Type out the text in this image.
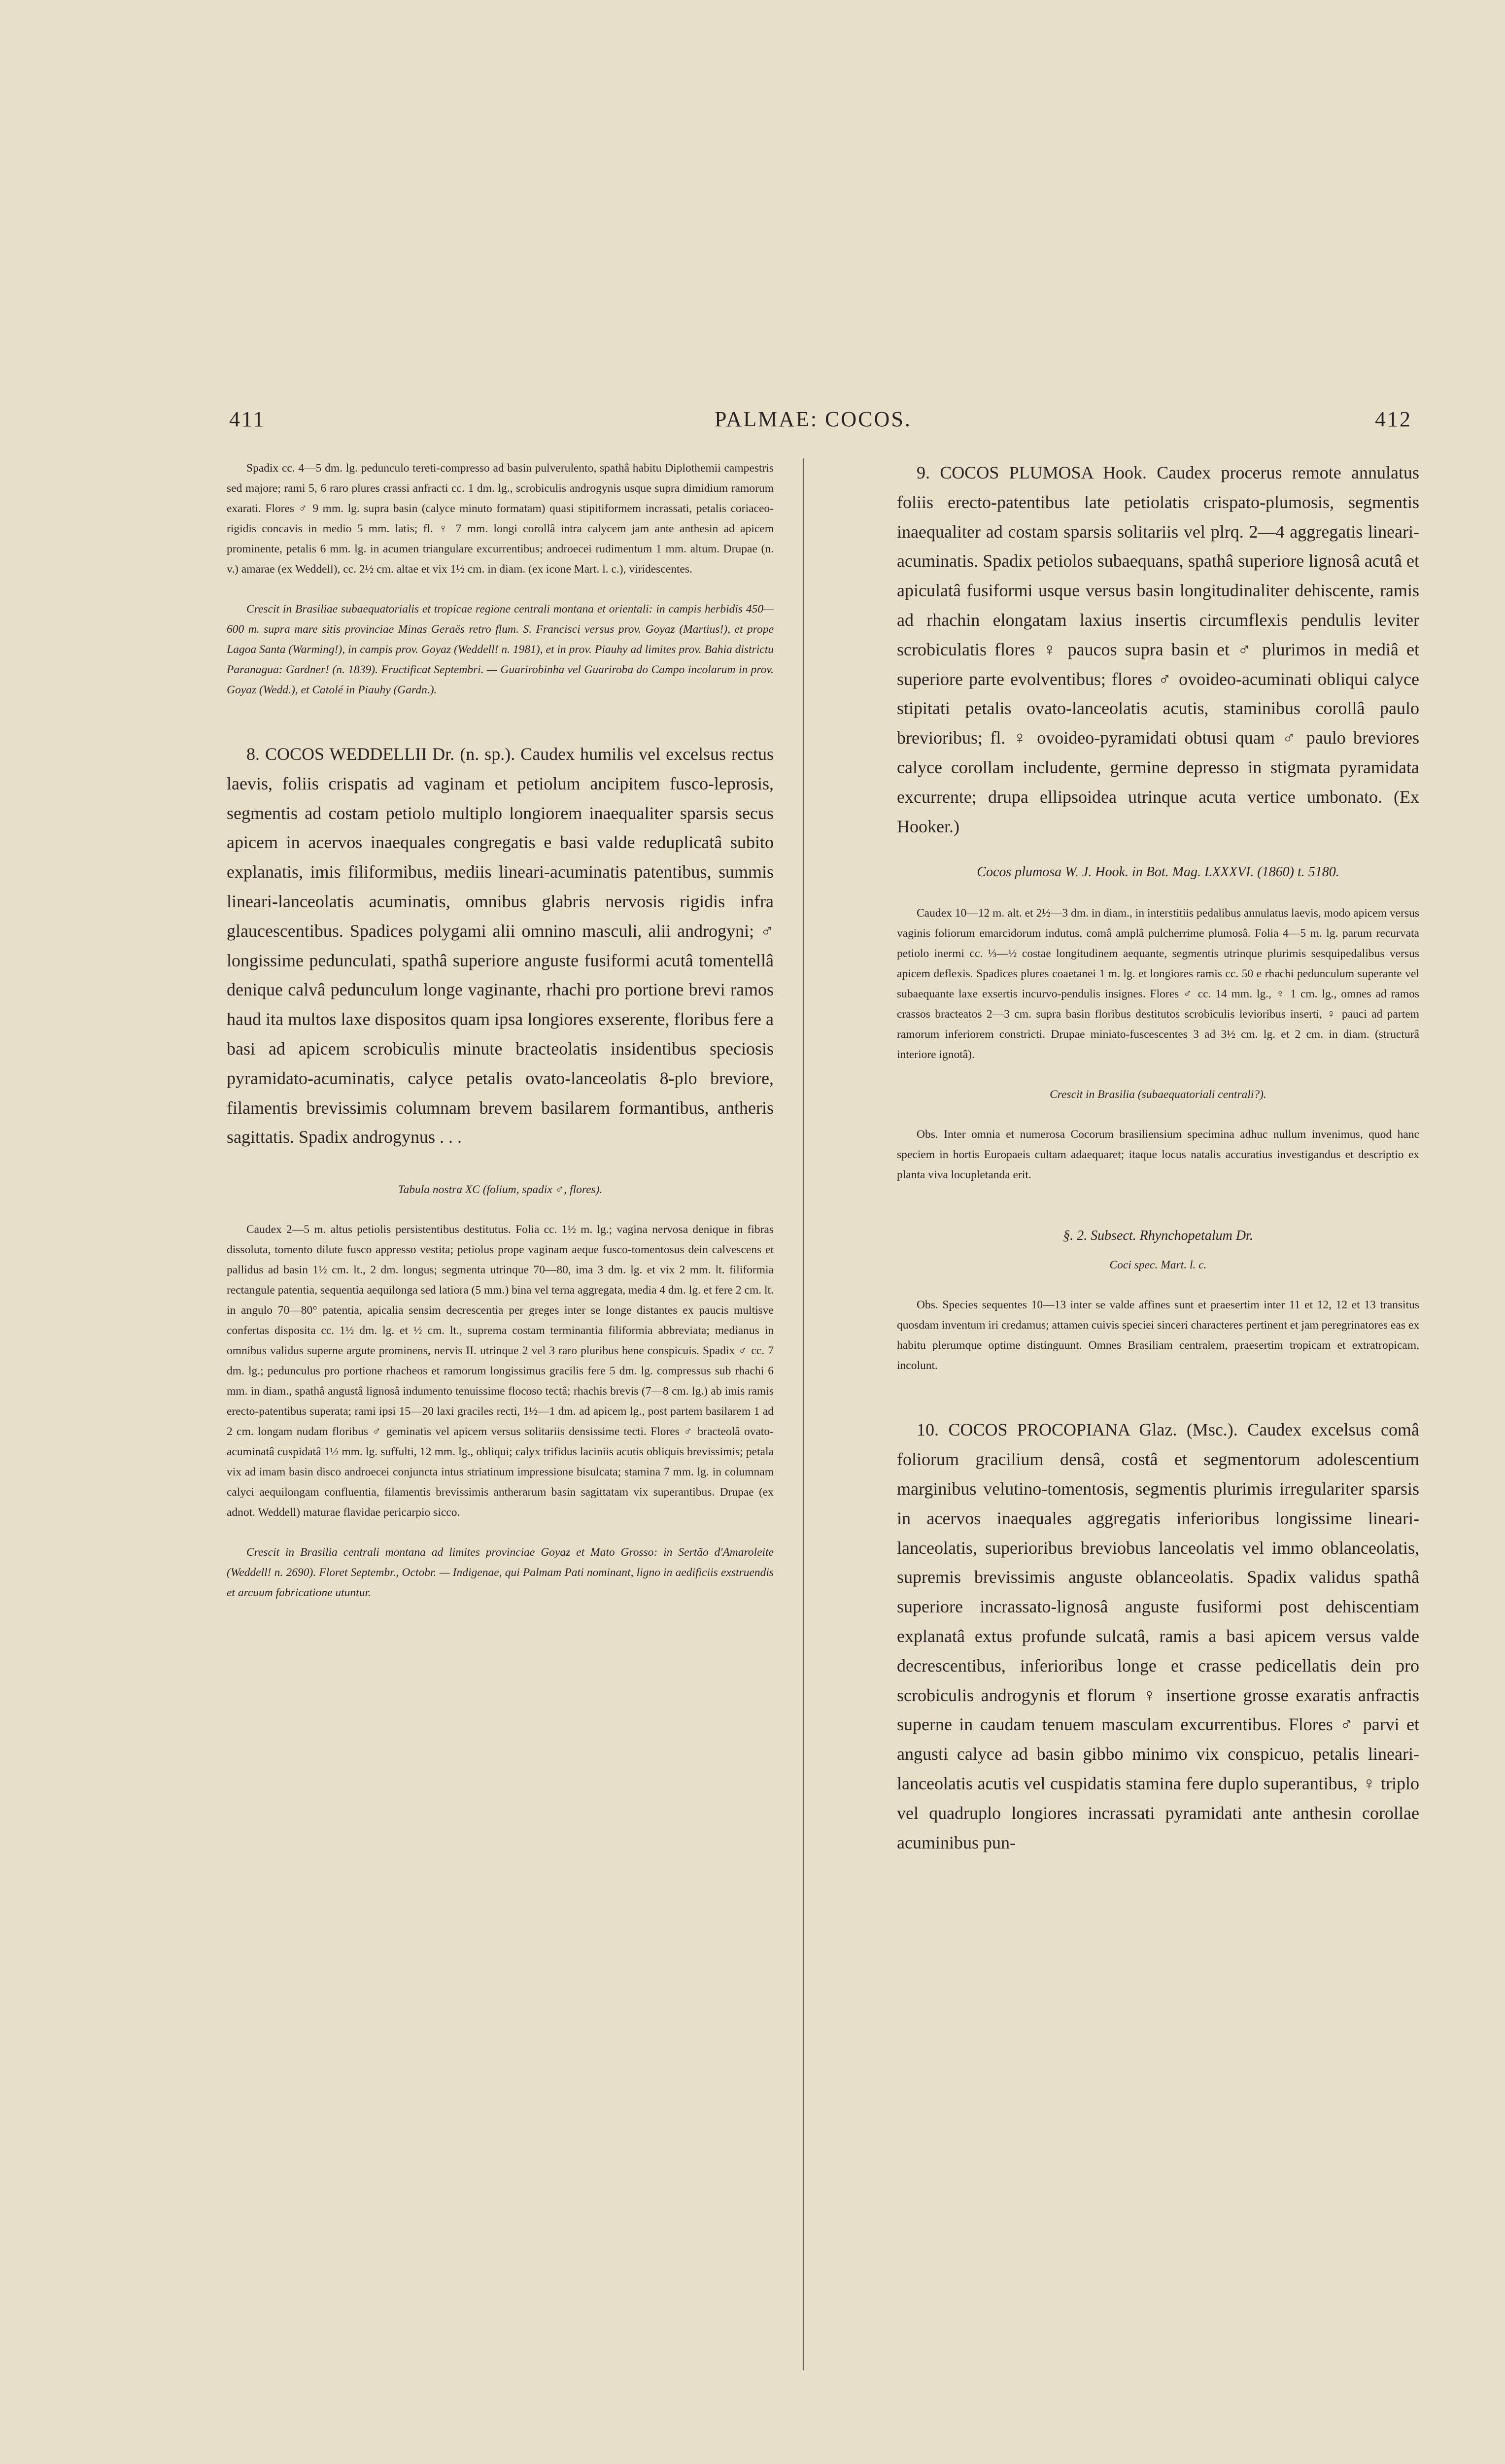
411	PALMAE: COCOS.	412

Spadix cc. 4—5 dm. lg. pedunculo tereti-compresso ad basin pulverulento, spathâ habitu Diplothemii campestris sed majore; rami 5, 6 raro plures crassi anfracti cc. 1 dm. lg., scrobiculis androgynis usque supra dimidium ramorum exarati. Flores ♂ 9 mm. lg. supra basin (calyce minuto formatam) quasi stipitiformem incrassati, petalis coriaceo-rigidis concavis in medio 5 mm. latis; fl. ♀ 7 mm. longi corollâ intra calycem jam ante anthesin ad apicem prominente, petalis 6 mm. lg. in acumen triangulare excurrentibus; androecei rudimentum 1 mm. altum. Drupae (n. v.) amarae (ex Weddell), cc. 2½ cm. altae et vix 1½ cm. in diam. (ex icone Mart. l. c.), viridescentes.

Crescit in Brasiliae subaequatorialis et tropicae regione centrali montana et orientali: in campis herbidis 450—600 m. supra mare sitis provinciae Minas Geraës retro flum. S. Francisci versus prov. Goyaz (Martius!), et prope Lagoa Santa (Warming!), in campis prov. Goyaz (Weddell! n. 1981), et in prov. Piauhy ad limites prov. Bahia districtu Paranagua: Gardner! (n. 1839). Fructificat Septembri. — Guarirobinha vel Guariroba do Campo incolarum in prov. Goyaz (Wedd.), et Catolé in Piauhy (Gardn.).

8. COCOS WEDDELLII Dr. (n. sp.). Caudex humilis vel excelsus rectus laevis, foliis crispatis ad vaginam et petiolum ancipitem fusco-leprosis, segmentis ad costam petiolo multiplo longiorem inaequaliter sparsis secus apicem in acervos inaequales congregatis e basi valde reduplicatâ subito explanatis, imis filiformibus, mediis lineari-acuminatis patentibus, summis lineari-lanceolatis acuminatis, omnibus glabris nervosis rigidis infra glaucescentibus. Spadices polygami alii omnino masculi, alii androgyni; ♂ longissime pedunculati, spathâ superiore anguste fusiformi acutâ tomentellâ denique calvâ pedunculum longe vaginante, rhachi pro portione brevi ramos haud ita multos laxe dispositos quam ipsa longiores exserente, floribus fere a basi ad apicem scrobiculis minute bracteolatis insidentibus speciosis pyramidato-acuminatis, calyce petalis ovato-lanceolatis 8-plo breviore, filamentis brevissimis columnam brevem basilarem formantibus, antheris sagittatis. Spadix androgynus . . .

Tabula nostra XC (folium, spadix ♂, flores).

Caudex 2—5 m. altus petiolis persistentibus destitutus. Folia cc. 1½ m. lg.; vagina nervosa denique in fibras dissoluta, tomento dilute fusco appresso vestita; petiolus prope vaginam aeque fusco-tomentosus dein calvescens et pallidus ad basin 1½ cm. lt., 2 dm. longus; segmenta utrinque 70—80, ima 3 dm. lg. et vix 2 mm. lt. filiformia rectangule patentia, sequentia aequilonga sed latiora (5 mm.) bina vel terna aggregata, media 4 dm. lg. et fere 2 cm. lt. in angulo 70—80° patentia, apicalia sensim decrescentia per greges inter se longe distantes ex paucis multisve confertas disposita cc. 1½ dm. lg. et ½ cm. lt., suprema costam terminantia filiformia abbreviata; medianus in omnibus validus superne argute prominens, nervis II. utrinque 2 vel 3 raro pluribus bene conspicuis. Spadix ♂ cc. 7 dm. lg.; pedunculus pro portione rhacheos et ramorum longissimus gracilis fere 5 dm. lg. compressus sub rhachi 6 mm. in diam., spathâ angustâ lignosâ indumento tenuissime flocoso tectâ; rhachis brevis (7—8 cm. lg.) ab imis ramis erecto-patentibus superata; rami ipsi 15—20 laxi graciles recti, 1½—1 dm. ad apicem lg., post partem basilarem 1 ad 2 cm. longam nudam floribus ♂ geminatis vel apicem versus solitariis densissime tecti. Flores ♂ bracteolâ ovato-acuminatâ cuspidatâ 1½ mm. lg. suffulti, 12 mm. lg., obliqui; calyx trifidus laciniis acutis obliquis brevissimis; petala vix ad imam basin disco androecei conjuncta intus striatinum impressione bisulcata; stamina 7 mm. lg. in columnam calyci aequilongam confluentia, filamentis brevissimis antherarum basin sagittatam vix superantibus. Drupae (ex adnot. Weddell) maturae flavidae pericarpio sicco.

Crescit in Brasilia centrali montana ad limites provinciae Goyaz et Mato Grosso: in Sertão d'Amaroleite (Weddell! n. 2690). Floret Septembr., Octobr. — Indigenae, qui Palmam Pati nominant, ligno in aedificiis exstruendis et arcuum fabricatione utuntur.

9. COCOS PLUMOSA Hook. Caudex procerus remote annulatus foliis erecto-patentibus late petiolatis crispato-plumosis, segmentis inaequaliter ad costam sparsis solitariis vel plrq. 2—4 aggregatis lineari-acuminatis. Spadix petiolos subaequans, spathâ superiore lignosâ acutâ et apiculatâ fusiformi usque versus basin longitudinaliter dehiscente, ramis ad rhachin elongatam laxius insertis circumflexis pendulis leviter scrobiculatis flores ♀ paucos supra basin et ♂ plurimos in mediâ et superiore parte evolventibus; flores ♂ ovoideo-acuminati obliqui calyce stipitati petalis ovato-lanceolatis acutis, staminibus corollâ paulo brevioribus; fl. ♀ ovoideo-pyramidati obtusi quam ♂ paulo breviores calyce corollam includente, germine depresso in stigmata pyramidata excurrente; drupa ellipsoidea utrinque acuta vertice umbonato. (Ex Hooker.)

Cocos plumosa W. J. Hook. in Bot. Mag. LXXXVI. (1860) t. 5180.

Caudex 10—12 m. alt. et 2½—3 dm. in diam., in interstitiis pedalibus annulatus laevis, modo apicem versus vaginis foliorum emarcidorum indutus, comâ amplâ pulcherrime plumosâ. Folia 4—5 m. lg. parum recurvata petiolo inermi cc. ⅓—½ costae longitudinem aequante, segmentis utrinque plurimis sesquipedalibus versus apicem deflexis. Spadices plures coaetanei 1 m. lg. et longiores ramis cc. 50 e rhachi pedunculum superante vel subaequante laxe exsertis incurvo-pendulis insignes. Flores ♂ cc. 14 mm. lg., ♀ 1 cm. lg., omnes ad ramos crassos bracteatos 2—3 cm. supra basin floribus destitutos scrobiculis levioribus inserti, ♀ pauci ad partem ramorum inferiorem constricti. Drupae miniato-fuscescentes 3 ad 3½ cm. lg. et 2 cm. in diam. (structurâ interiore ignotâ).

Crescit in Brasilia (subaequatoriali centrali?).

Obs. Inter omnia et numerosa Cocorum brasiliensium specimina adhuc nullum invenimus, quod hanc speciem in hortis Europaeis cultam adaequaret; itaque locus natalis accuratius investigandus et descriptio ex planta viva locupletanda erit.

§. 2. Subsect. Rhynchopetalum Dr.

Coci spec. Mart. l. c.

Obs. Species sequentes 10—13 inter se valde affines sunt et praesertim inter 11 et 12, 12 et 13 transitus quosdam inventum iri credamus; attamen cuivis speciei sinceri characteres pertinent et jam peregrinatores eas ex habitu plerumque optime distinguunt. Omnes Brasiliam centralem, praesertim tropicam et extratropicam, incolunt.

10. COCOS PROCOPIANA Glaz. (Msc.). Caudex excelsus comâ foliorum gracilium densâ, costâ et segmentorum adolescentium marginibus velutino-tomentosis, segmentis plurimis irregulariter sparsis in acervos inaequales aggregatis inferioribus longissime lineari-lanceolatis, superioribus breviobus lanceolatis vel immo oblanceolatis, supremis brevissimis anguste oblanceolatis. Spadix validus spathâ superiore incrassato-lignosâ anguste fusiformi post dehiscentiam explanatâ extus profunde sulcatâ, ramis a basi apicem versus valde decrescentibus, inferioribus longe et crasse pedicellatis dein pro scrobiculis androgynis et florum ♀ insertione grosse exaratis anfractis superne in caudam tenuem masculam excurrentibus. Flores ♂ parvi et angusti calyce ad basin gibbo minimo vix conspicuo, petalis lineari-lanceolatis acutis vel cuspidatis stamina fere duplo superantibus, ♀ triplo vel quadruplo longiores incrassati pyramidati ante anthesin corollae acuminibus pun-
